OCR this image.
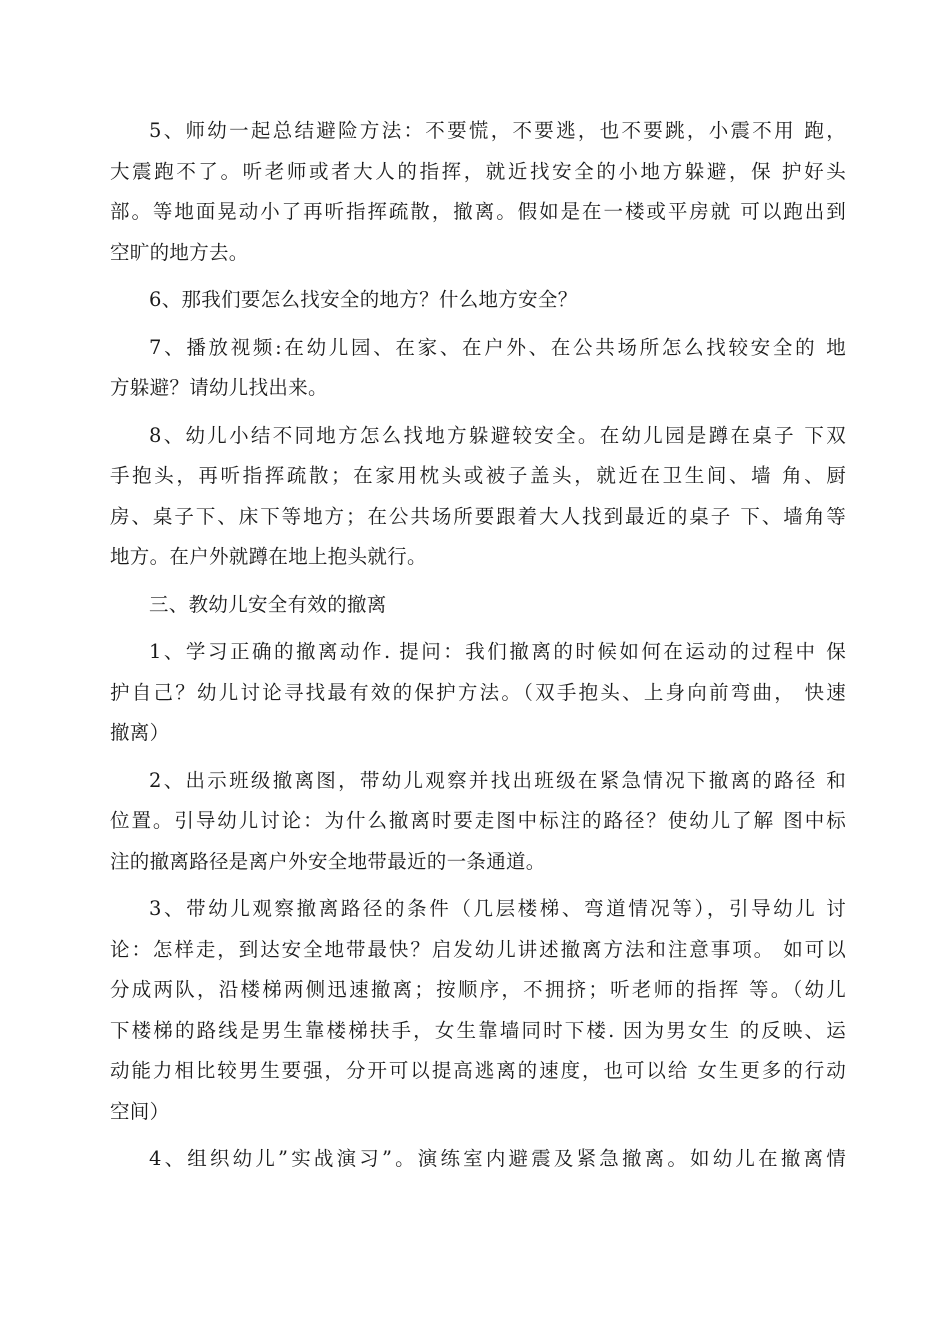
5、师幼一起总结避险方法：不要慌，不要逃，也不要跳，小震不用 跑，
大震跑不了。听老师或者大人的指挥，就近找安全的小地方躲避，保 护好头
部。等地面晃动小了再听指挥疏散，撤离。假如是在一楼或平房就 可以跑出到
空旷的地方去。
6、那我们要怎么找安全的地方？什么地方安全？
7、播放视频:在幼儿园、在家、在户外、在公共场所怎么找较安全的 地
方躲避？请幼儿找出来。
8、幼儿小结不同地方怎么找地方躲避较安全。在幼儿园是蹲在桌子 下双
手抱头，再听指挥疏散；在家用枕头或被子盖头，就近在卫生间、墙 角、厨
房、桌子下、床下等地方；在公共场所要跟着大人找到最近的桌子 下、墙角等
地方。在户外就蹲在地上抱头就行。
三、教幼儿安全有效的撤离
1、学习正确的撤离动作. 提问：我们撤离的时候如何在运动的过程中 保
护自己？幼儿讨论寻找最有效的保护方法。（双手抱头、上身向前弯曲， 快速
撤离）
2、出示班级撤离图，带幼儿观察并找出班级在紧急情况下撤离的路径 和
位置。引导幼儿讨论：为什么撤离时要走图中标注的路径？使幼儿了解 图中标
注的撤离路径是离户外安全地带最近的一条通道。
3、带幼儿观察撤离路径的条件（几层楼梯、弯道情况等），引导幼儿 讨
论：怎样走，到达安全地带最快？启发幼儿讲述撤离方法和注意事项。 如可以
分成两队，沿楼梯两侧迅速撤离；按顺序，不拥挤；听老师的指挥 等。（幼儿
下楼梯的路线是男生靠楼梯扶手，女生靠墙同时下楼. 因为男女生 的反映、运
动能力相比较男生要强，分开可以提高逃离的速度，也可以给 女生更多的行动
空间）
4、组织幼儿”实战演习”。演练室内避震及紧急撤离。如幼儿在撤离情
